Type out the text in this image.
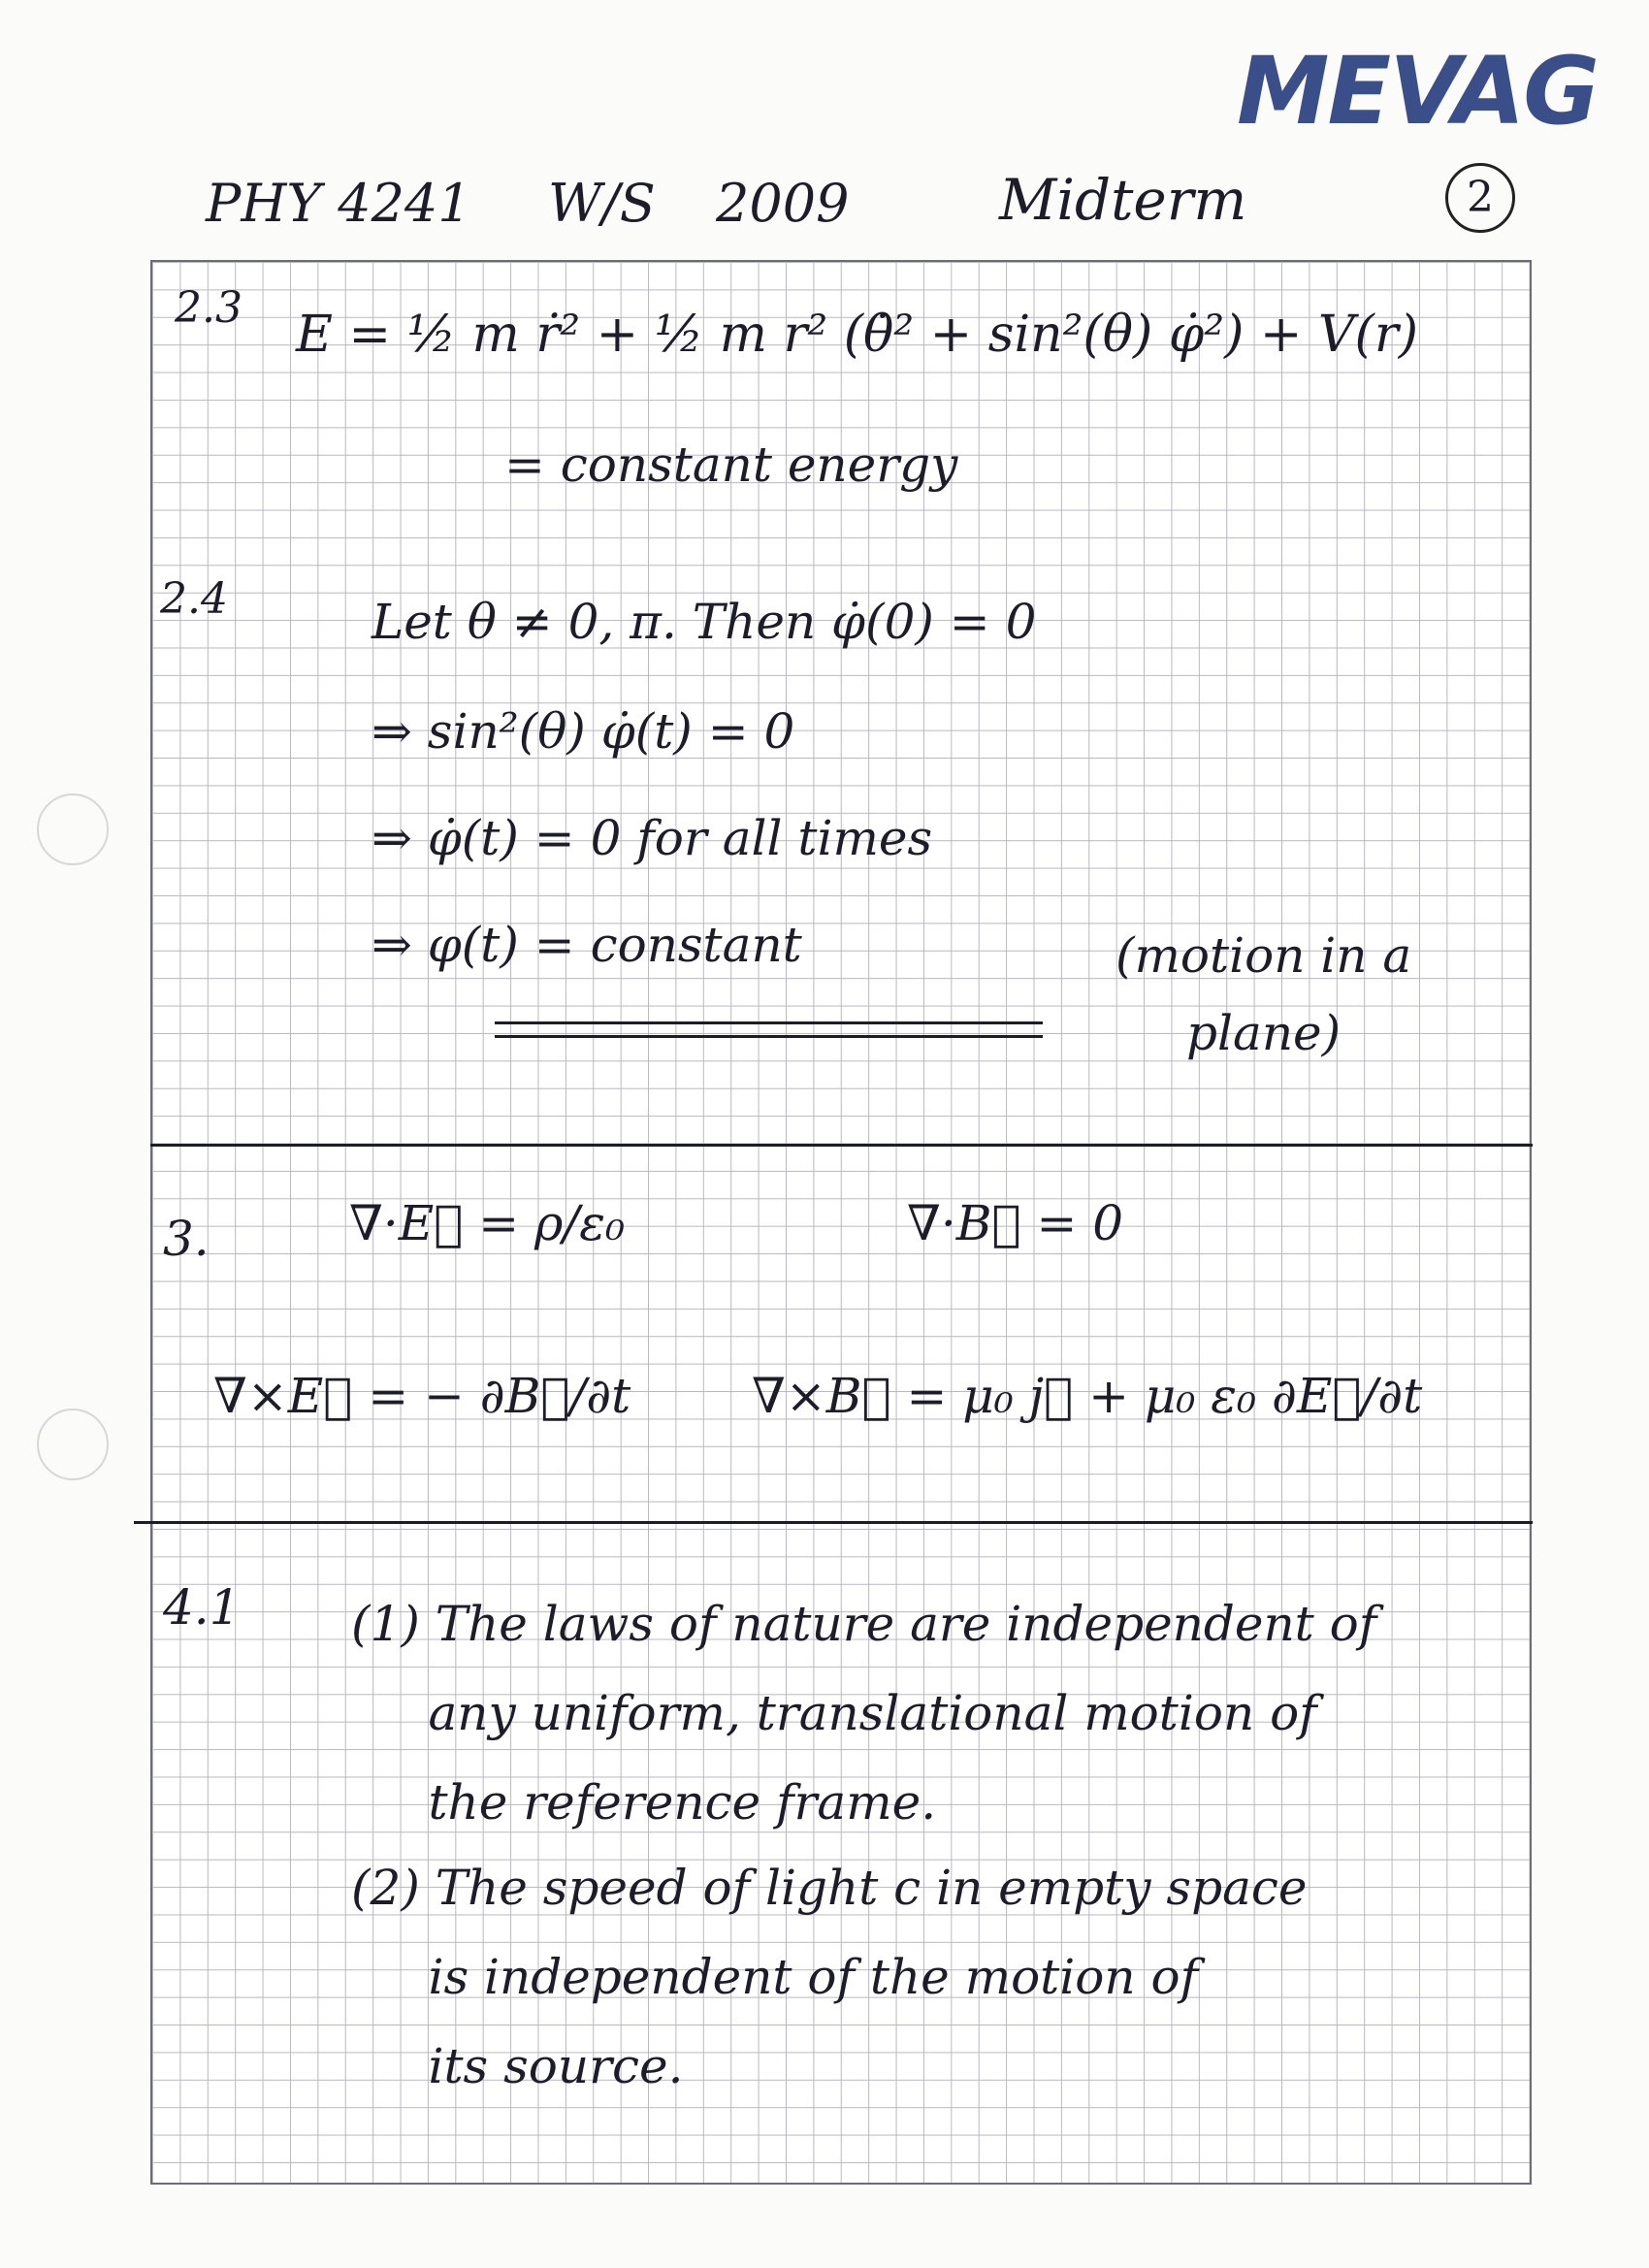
MEVAG
PHY 4241 W/S 2009	Midterm	2
2.3 E = ½ m ṙ² + ½ m r² (θ̇² + sin²(θ) φ̇²) + V(r)
= constant energy
2.4	Let θ ≠ 0, π. Then φ̇(0) = 0
⇒ sin²(θ) φ̇(t) = 0
⇒ φ̇(t) = 0 for all times
⇒ φ(t) = constant	(motion in a
plane)
3.	∇·E⃗ = ρ/ε₀	∇·B⃗ = 0
∇×E⃗ = − ∂B⃗/∂t ∇×B⃗ = μ₀ j⃗ + μ₀ ε₀ ∂E⃗/∂t
4.1 (1) The laws of nature are independent of
any uniform, translational motion of
the reference frame.
(2) The speed of light c in empty space
is independent of the motion of
its source.
